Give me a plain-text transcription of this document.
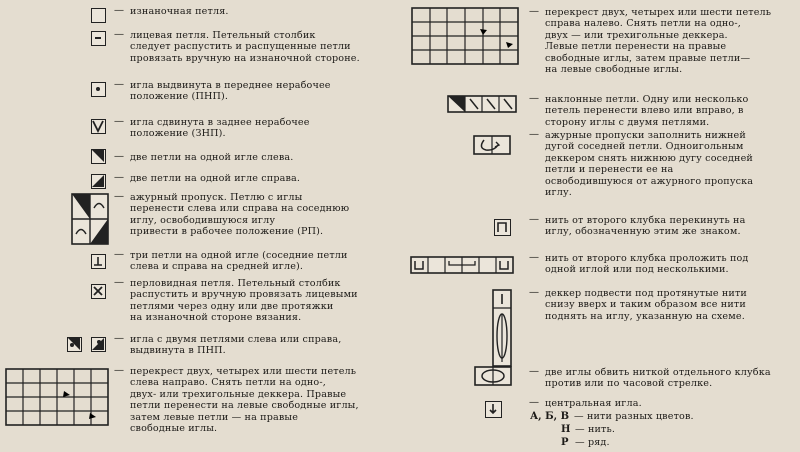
— изнаночная петля.
— лицевая петля. Петельный столбик
следует распустить и распущенные петли
провязать вручную на изнаночной стороне.
— игла выдвинута в переднее нерабочее
положение (ПНП).
— игла сдвинута в заднее нерабочее
положение (ЗНП).
— две петли на одной игле слева.
— две петли на одной игле справа.
— ажурный пропуск. Петлю с иглы
перенести слева или справа на соседнюю
иглу, освободившуюся иглу
привести в рабочее положение (РП).
— три петли на одной игле (соседние петли
слева и справа на средней игле).
— перловидная петля. Петельный столбик
распустить и вручную провязать лицевыми
петлями через одну или две протяжки
на изнаночной стороне вязания.
— игла с двумя петлями слева или справа,
выдвинута в ПНП.
— перекрест двух, четырех или шести петель
слева направо. Снять петли на одно-,
двух- или трехигольные деккера. Правые
петли перенести на левые свободные иглы,
затем левые петли — на правые
свободные иглы.
— перекрест двух, четырех или шести петель
справа налево. Снять петли на одно-,
двух — или трехигольные деккера.
Левые петли перенести на правые
свободные иглы, затем правые петли—
на левые свободные иглы.
— наклонные петли. Одну или несколько
петель перенести влево или вправо, в
сторону иглы с двумя петлями.
— ажурные пропуски заполнить нижней
дугой соседней петли. Одноигольным
деккером снять нижнюю дугу соседней
петли и перенести ее на
освободившуюся от ажурного пропуска
иглу.
— нить от второго клубка перекинуть на
иглу, обозначенную этим же знаком.
— нить от второго клубка проложить под
одной иглой или под несколькими.
— деккер подвести под протянутые нити
снизу вверх и таким образом все нити
поднять на иглу, указанную на схеме.
— две иглы обвить ниткой отдельного клубка
против или по часовой стрелке.
— центральная игла.
А, Б, В — нити разных цветов.
Н — нить.
Р — ряд.
